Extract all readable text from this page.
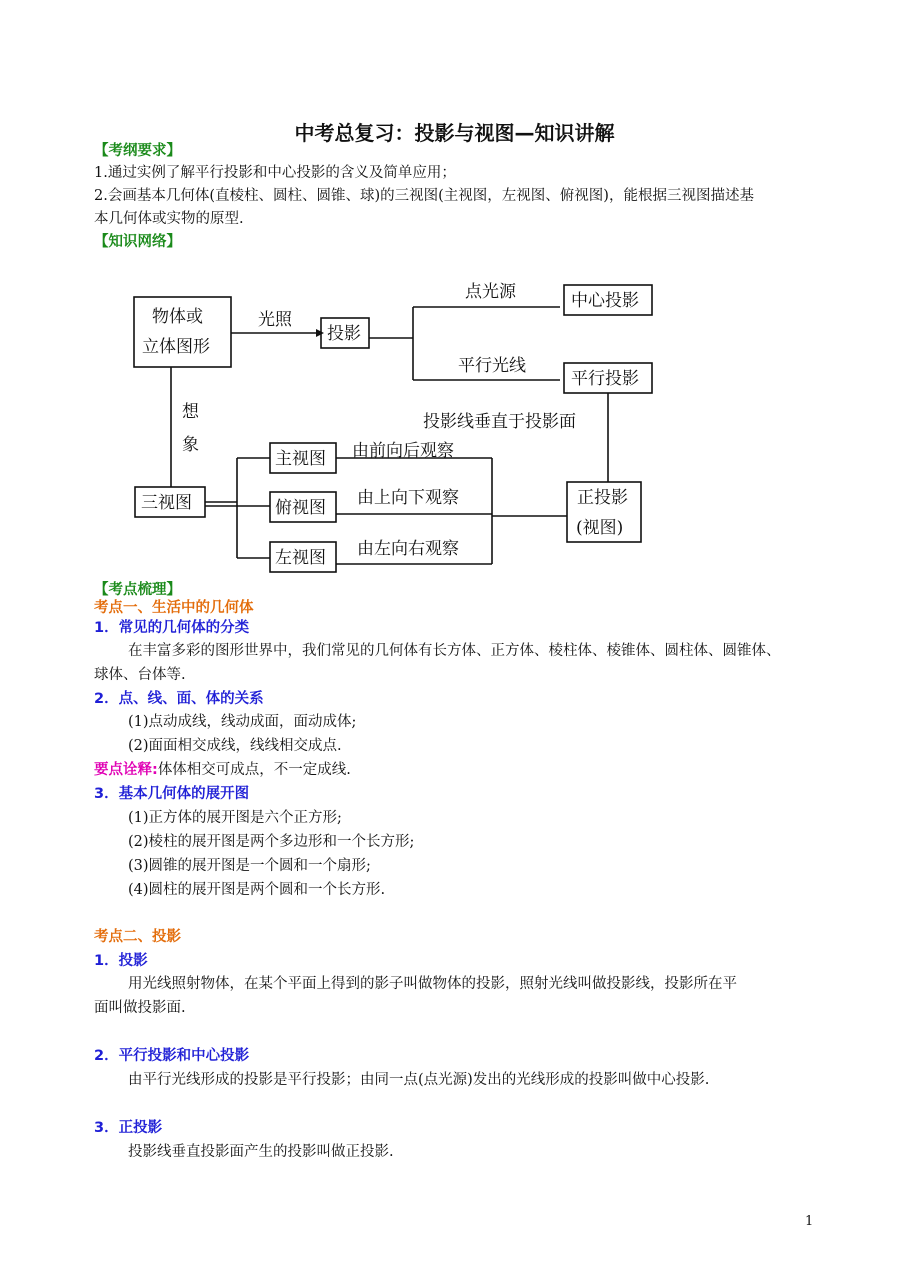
中考总复习：投影与视图—知识讲解
【考纲要求】
1.通过实例了解平行投影和中心投影的含义及简单应用；
2.会画基本几何体(直棱柱、圆柱、圆锥、球)的三视图(主视图，左视图、俯视图)，能根据三视图描述基
本几何体或实物的原型.
【知识网络】
物体或
立体图形
光照
投影
点光源	中心投影
平行光线
平行投影
投影线垂直于投影面
想
象
三视图
主视图
俯视图
左视图
由前向后观察
由上向下观察
由左向右观察
正投影
(视图)
【考点梳理】
考点一、生活中的几何体
1．常见的几何体的分类
在丰富多彩的图形世界中，我们常见的几何体有长方体、正方体、棱柱体、棱锥体、圆柱体、圆锥体、
球体、台体等.
2．点、线、面、体的关系
(1)点动成线，线动成面，面动成体;
(2)面面相交成线，线线相交成点.
要点诠释:体体相交可成点，不一定成线.
3．基本几何体的展开图
(1)正方体的展开图是六个正方形;
(2)棱柱的展开图是两个多边形和一个长方形;
(3)圆锥的展开图是一个圆和一个扇形;
(4)圆柱的展开图是两个圆和一个长方形.
考点二、投影
1．投影
用光线照射物体，在某个平面上得到的影子叫做物体的投影，照射光线叫做投影线，投影所在平
面叫做投影面.
2．平行投影和中心投影
由平行光线形成的投影是平行投影；由同一点(点光源)发出的光线形成的投影叫做中心投影.
3．正投影
投影线垂直投影面产生的投影叫做正投影.
1
